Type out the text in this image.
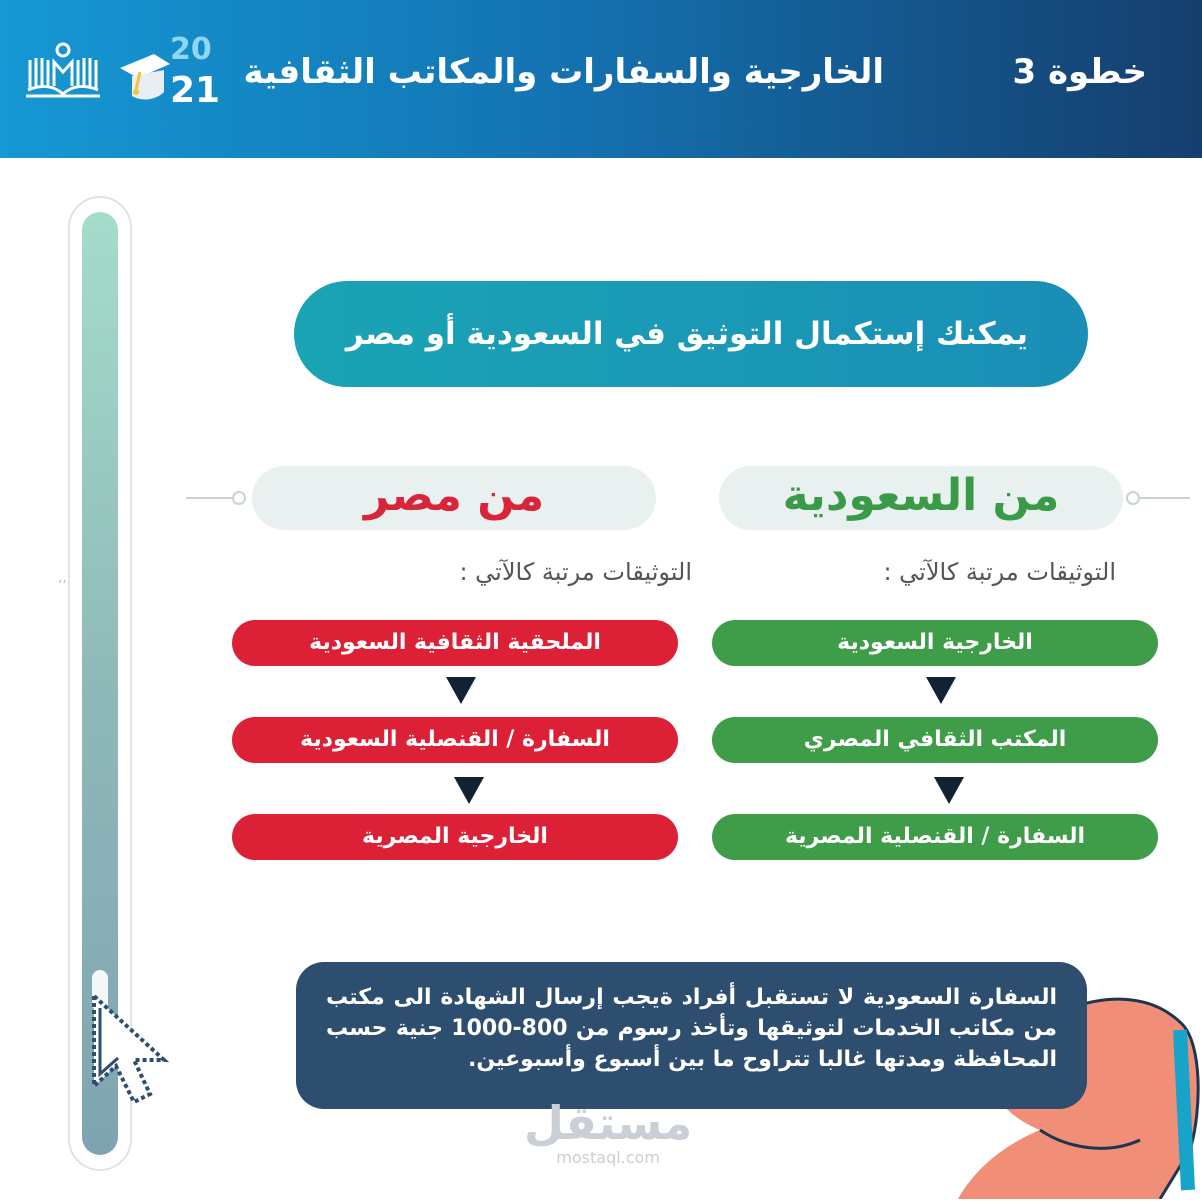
20
21 الخارجية والسفارات والمكاتب الثقافية	خطوة 3
‘‘
يمكنك إستكمال التوثيق في السعودية أو مصر
من السعودية
من مصر
التوثيقات مرتبة كالآتي :
التوثيقات مرتبة كالآتي :
الخارجية السعودية
المكتب الثقافي المصري
السفارة / القنصلية المصرية
الملحقية الثقافية السعودية
السفارة / القنصلية السعودية
الخارجية المصرية
السفارة السعودية لا تستقبل أفراد ةيجب إرسال الشهادة الى مكتب من مكاتب الخدمات لتوثيقها وتأخذ رسوم من 800-1000 جنية حسب المحافظة ومدتها غالبا تتراوح ما بين أسبوع وأسبوعين.
مستقل
mostaql.com
